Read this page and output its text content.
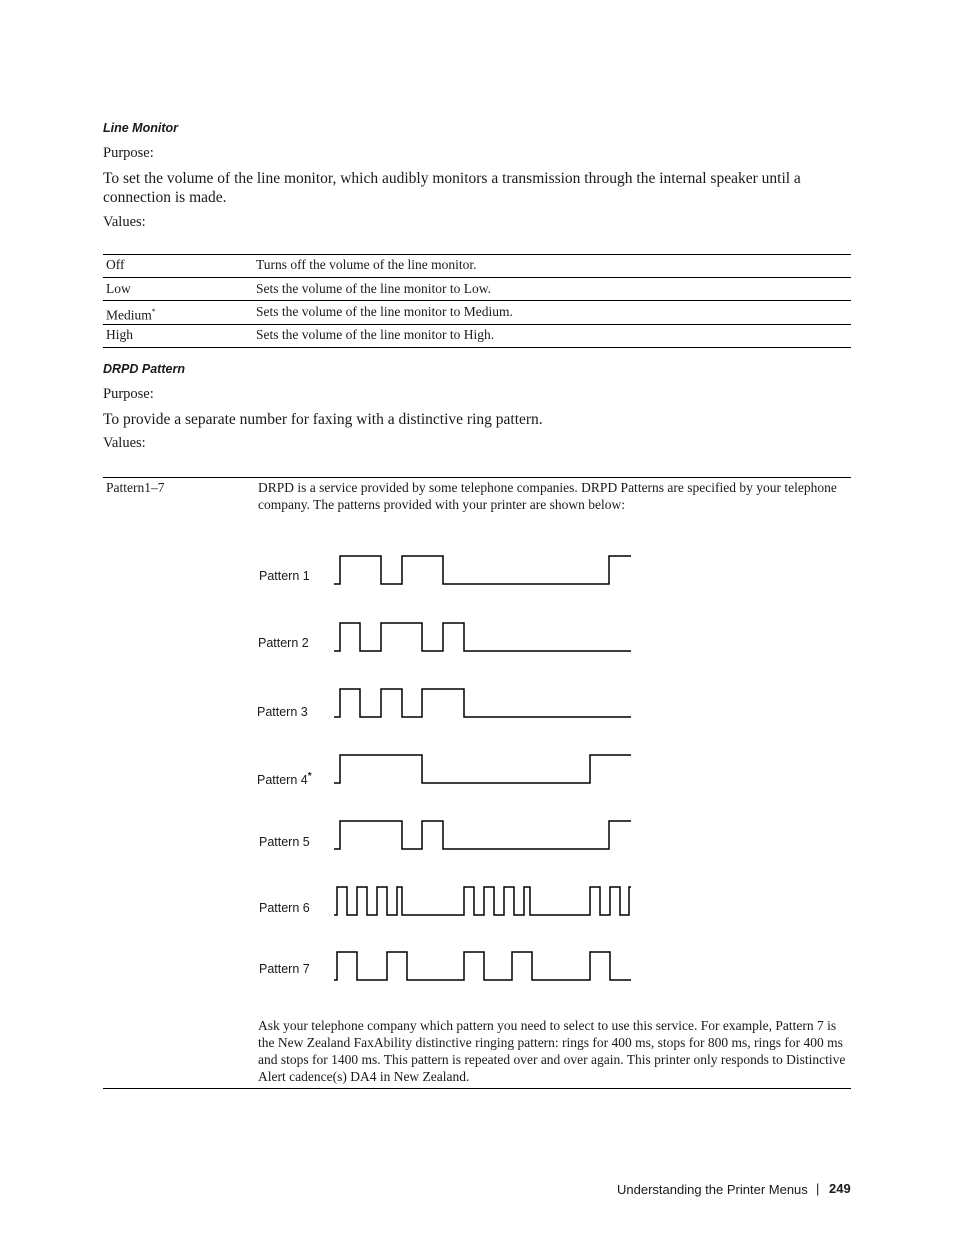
Line Monitor
Purpose:
To set the volume of the line monitor, which audibly monitors a transmission through the internal speaker until a connection is made.
Values:
Off	Turns off the volume of the line monitor.
Low	Sets the volume of the line monitor to Low.
Medium*	Sets the volume of the line monitor to Medium.
High	Sets the volume of the line monitor to High.
DRPD Pattern
Purpose:
To provide a separate number for faxing with a distinctive ring pattern.
Values:
Pattern1–7	DRPD is a service provided by some telephone companies. DRPD Patterns are specified by your telephone company. The patterns provided with your printer are shown below:
Pattern 1
Pattern 2
Pattern 3
Pattern 4*
Pattern 5
Pattern 6
Pattern 7
Ask your telephone company which pattern you need to select to use this service. For example, Pattern 7 is the New Zealand FaxAbility distinctive ringing pattern: rings for 400 ms, stops for 800 ms, rings for 400 ms and stops for 1400 ms. This pattern is repeated over and over again. This printer only responds to Distinctive Alert cadence(s) DA4 in New Zealand.
Understanding the Printer Menus | 249
